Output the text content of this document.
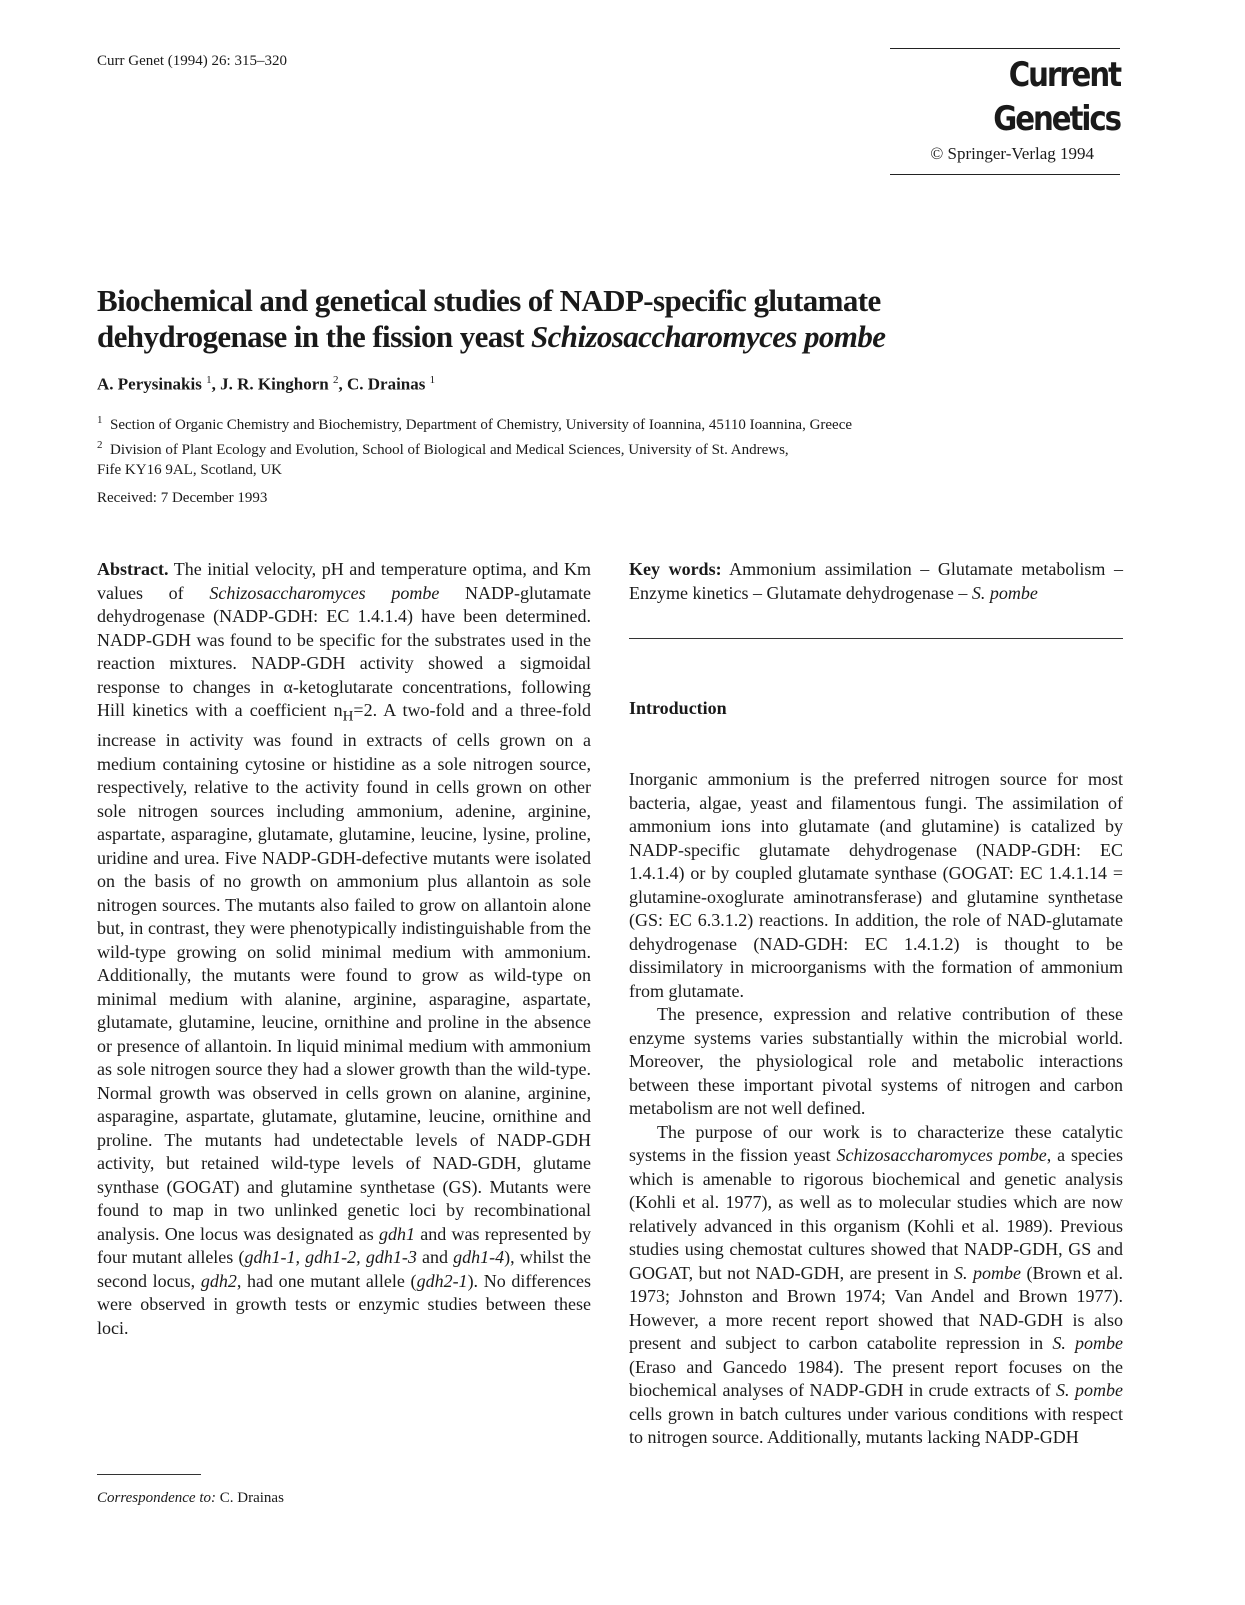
Curr Genet (1994) 26: 315–320	Current Genetics
© Springer-Verlag 1994
Biochemical and genetical studies of NADP-specific glutamate
dehydrogenase in the fission yeast Schizosaccharomyces pombe
A. Perysinakis $^1$, J. R. Kinghorn $^2$, C. Drainas $^1$
$^1$ Section of Organic Chemistry and Biochemistry, Department of Chemistry, University of Ioannina, 45110 Ioannina, Greece
$^2$ Division of Plant Ecology and Evolution, School of Biological and Medical Sciences, University of St. Andrews,
Fife KY16 9AL, Scotland, UK
Received: 7 December 1993

Abstract. The initial velocity, pH and temperature optima, and Km values of Schizosaccharomyces pombe NADP-glutamate dehydrogenase (NADP-GDH: EC 1.4.1.4) have been determined. NADP-GDH was found to be specific for the substrates used in the reaction mixtures. NADP-GDH activity showed a sigmoidal response to changes in α-ketoglutarate concentrations, following Hill kinetics with a coefficient $n_H=2$. A two-fold and a three-fold increase in activity was found in extracts of cells grown on a medium containing cytosine or histidine as a sole nitrogen source, respectively, relative to the activity found in cells grown on other sole nitrogen sources including ammonium, adenine, arginine, aspartate, asparagine, glutamate, glutamine, leucine, lysine, proline, uridine and urea. Five NADP-GDH-defective mutants were isolated on the basis of no growth on ammonium plus allantoin as sole nitrogen sources. The mutants also failed to grow on allantoin alone but, in contrast, they were phenotypically indistinguishable from the wild-type growing on solid minimal medium with ammonium. Additionally, the mutants were found to grow as wild-type on minimal medium with alanine, arginine, asparagine, aspartate, glutamate, glutamine, leucine, ornithine and proline in the absence or presence of allantoin. In liquid minimal medium with ammonium as sole nitrogen source they had a slower growth than the wild-type. Normal growth was observed in cells grown on alanine, arginine, asparagine, aspartate, glutamate, glutamine, leucine, ornithine and proline. The mutants had undetectable levels of NADP-GDH activity, but retained wild-type levels of NAD-GDH, glutame synthase (GOGAT) and glutamine synthetase (GS). Mutants were found to map in two unlinked genetic loci by recombinational analysis. One locus was designated as gdh1 and was represented by four mutant alleles (gdh1-1, gdh1-2, gdh1-3 and gdh1-4), whilst the second locus, gdh2, had one mutant allele (gdh2-1). No differences were observed in growth tests or enzymic studies between these loci.

Key words: Ammonium assimilation – Glutamate metabolism – Enzyme kinetics – Glutamate dehydrogenase – S. pombe

Introduction

Inorganic ammonium is the preferred nitrogen source for most bacteria, algae, yeast and filamentous fungi. The assimilation of ammonium ions into glutamate (and glutamine) is catalized by NADP-specific glutamate dehydrogenase (NADP-GDH: EC 1.4.1.4) or by coupled glutamate synthase (GOGAT: EC 1.4.1.14 = glutamine-oxoglurate aminotransferase) and glutamine synthetase (GS: EC 6.3.1.2) reactions. In addition, the role of NAD-glutamate dehydrogenase (NAD-GDH: EC 1.4.1.2) is thought to be dissimilatory in microorganisms with the formation of ammonium from glutamate.

The presence, expression and relative contribution of these enzyme systems varies substantially within the microbial world. Moreover, the physiological role and metabolic interactions between these important pivotal systems of nitrogen and carbon metabolism are not well defined.

The purpose of our work is to characterize these catalytic systems in the fission yeast Schizosaccharomyces pombe, a species which is amenable to rigorous biochemical and genetic analysis (Kohli et al. 1977), as well as to molecular studies which are now relatively advanced in this organism (Kohli et al. 1989). Previous studies using chemostat cultures showed that NADP-GDH, GS and GOGAT, but not NAD-GDH, are present in S. pombe (Brown et al. 1973; Johnston and Brown 1974; Van Andel and Brown 1977). However, a more recent report showed that NAD-GDH is also present and subject to carbon catabolite repression in S. pombe (Eraso and Gancedo 1984). The present report focuses on the biochemical analyses of NADP-GDH in crude extracts of S. pombe cells grown in batch cultures under various conditions with respect to nitrogen source. Additionally, mutants lacking NADP-GDH

Correspondence to: C. Drainas
